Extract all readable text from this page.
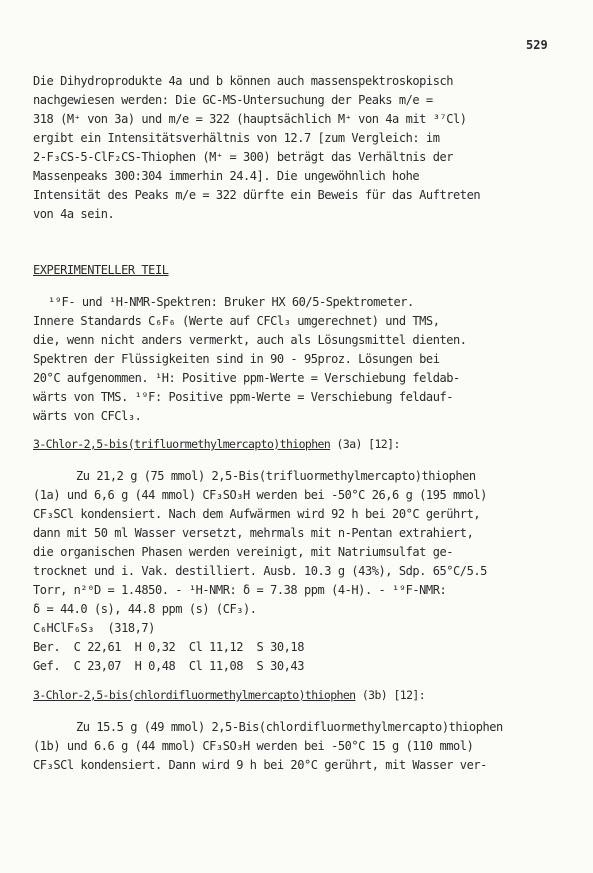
529
Die Dihydroprodukte 4a und b können auch massenspektroskopisch
nachgewiesen werden: Die GC-MS-Untersuchung der Peaks m/e =
318 (M⁺ von 3a) und m/e = 322 (hauptsächlich M⁺ von 4a mit ³⁷Cl)
ergibt ein Intensitätsverhältnis von 12.7 [zum Vergleich: im
2-F₃CS-5-ClF₂CS-Thiophen (M⁺ = 300) beträgt das Verhältnis der
Massenpeaks 300:304 immerhin 24.4]. Die ungewöhnlich hohe
Intensität des Peaks m/e = 322 dürfte ein Beweis für das Auftreten
von 4a sein.
EXPERIMENTELLER TEIL
¹⁹F- und ¹H-NMR-Spektren: Bruker HX 60/5-Spektrometer.
Innere Standards C₆F₆ (Werte auf CFCl₃ umgerechnet) und TMS,
die, wenn nicht anders vermerkt, auch als Lösungsmittel dienten.
Spektren der Flüssigkeiten sind in 90 - 95proz. Lösungen bei
20°C aufgenommen. ¹H: Positive ppm-Werte = Verschiebung feldab-
wärts von TMS. ¹⁹F: Positive ppm-Werte = Verschiebung feldauf-
wärts von CFCl₃.
3-Chlor-2,5-bis(trifluormethylmercapto)thiophen (3a) [12]:
Zu 21,2 g (75 mmol) 2,5-Bis(trifluormethylmercapto)thiophen
(1a) und 6,6 g (44 mmol) CF₃SO₃H werden bei -50°C 26,6 g (195 mmol)
CF₃SCl kondensiert. Nach dem Aufwärmen wird 92 h bei 20°C gerührt,
dann mit 50 ml Wasser versetzt, mehrmals mit n-Pentan extrahiert,
die organischen Phasen werden vereinigt, mit Natriumsulfat ge-
trocknet und i. Vak. destilliert. Ausb. 10.3 g (43%), Sdp. 65°C/5.5
Torr, n²⁰D = 1.4850. - ¹H-NMR: δ = 7.38 ppm (4-H). - ¹⁹F-NMR:
δ = 44.0 (s), 44.8 ppm (s) (CF₃).
C₆HClF₆S₃  (318,7)
Ber.  C 22,61  H 0,32  Cl 11,12  S 30,18
Gef.  C 23,07  H 0,48  Cl 11,08  S 30,43
3-Chlor-2,5-bis(chlordifluormethylmercapto)thiophen (3b) [12]:
Zu 15.5 g (49 mmol) 2,5-Bis(chlordifluormethylmercapto)thiophen
(1b) und 6.6 g (44 mmol) CF₃SO₃H werden bei -50°C 15 g (110 mmol)
CF₃SCl kondensiert. Dann wird 9 h bei 20°C gerührt, mit Wasser ver-
